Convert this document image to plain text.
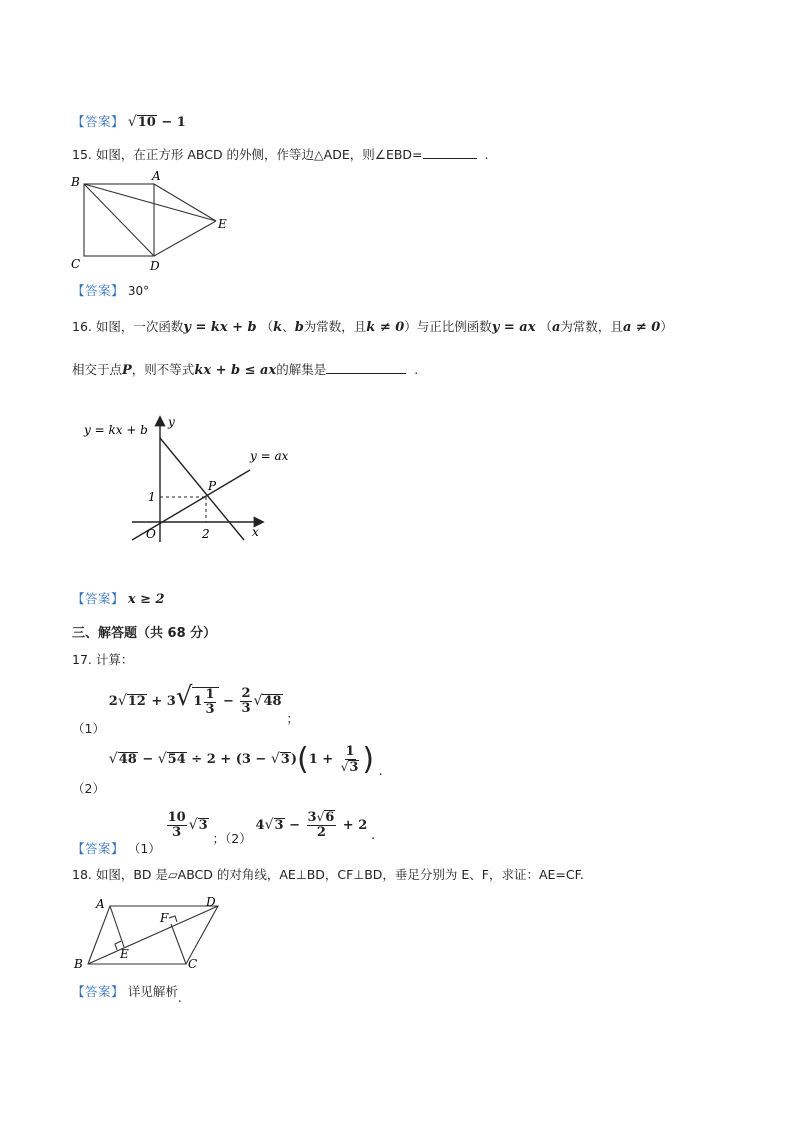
【答案】 √10 − 1
15. 如图，在正方形 ABCD 的外侧，作等边△ADE，则∠EBD=	.
B	A
E
C	D
【答案】 30°
16. 如图，一次函数y = kx + b （k、b为常数，且k ≠ 0）与正比例函数y = ax （a为常数，且a ≠ 0）
相交于点P，则不等式kx + b ≤ ax的解集是	.
y = kx + b
y = ax
y
x
O
P
1
2
【答案】 x ≥ 2
三、解答题（共 68 分）
17. 计算：
（1） $2√12 + 3√1 \frac{1}{3} - \frac{2}{3} √48$ ；
（2） $√48 - √54 \div 2 + (3 - √3)(1 + \frac{1}{√3}$ ) .
【答案】 （1）
$\frac{10}{3} √3$ ；（2） $4√3 - \frac{3√6}{2} + 2$ .
18. 如图，BD 是▱ABCD 的对角线，AE⊥BD，CF⊥BD，垂足分别为 E、F，求证：AE=CF.
A	D
B	C
E
F
【答案】 详见解析.
